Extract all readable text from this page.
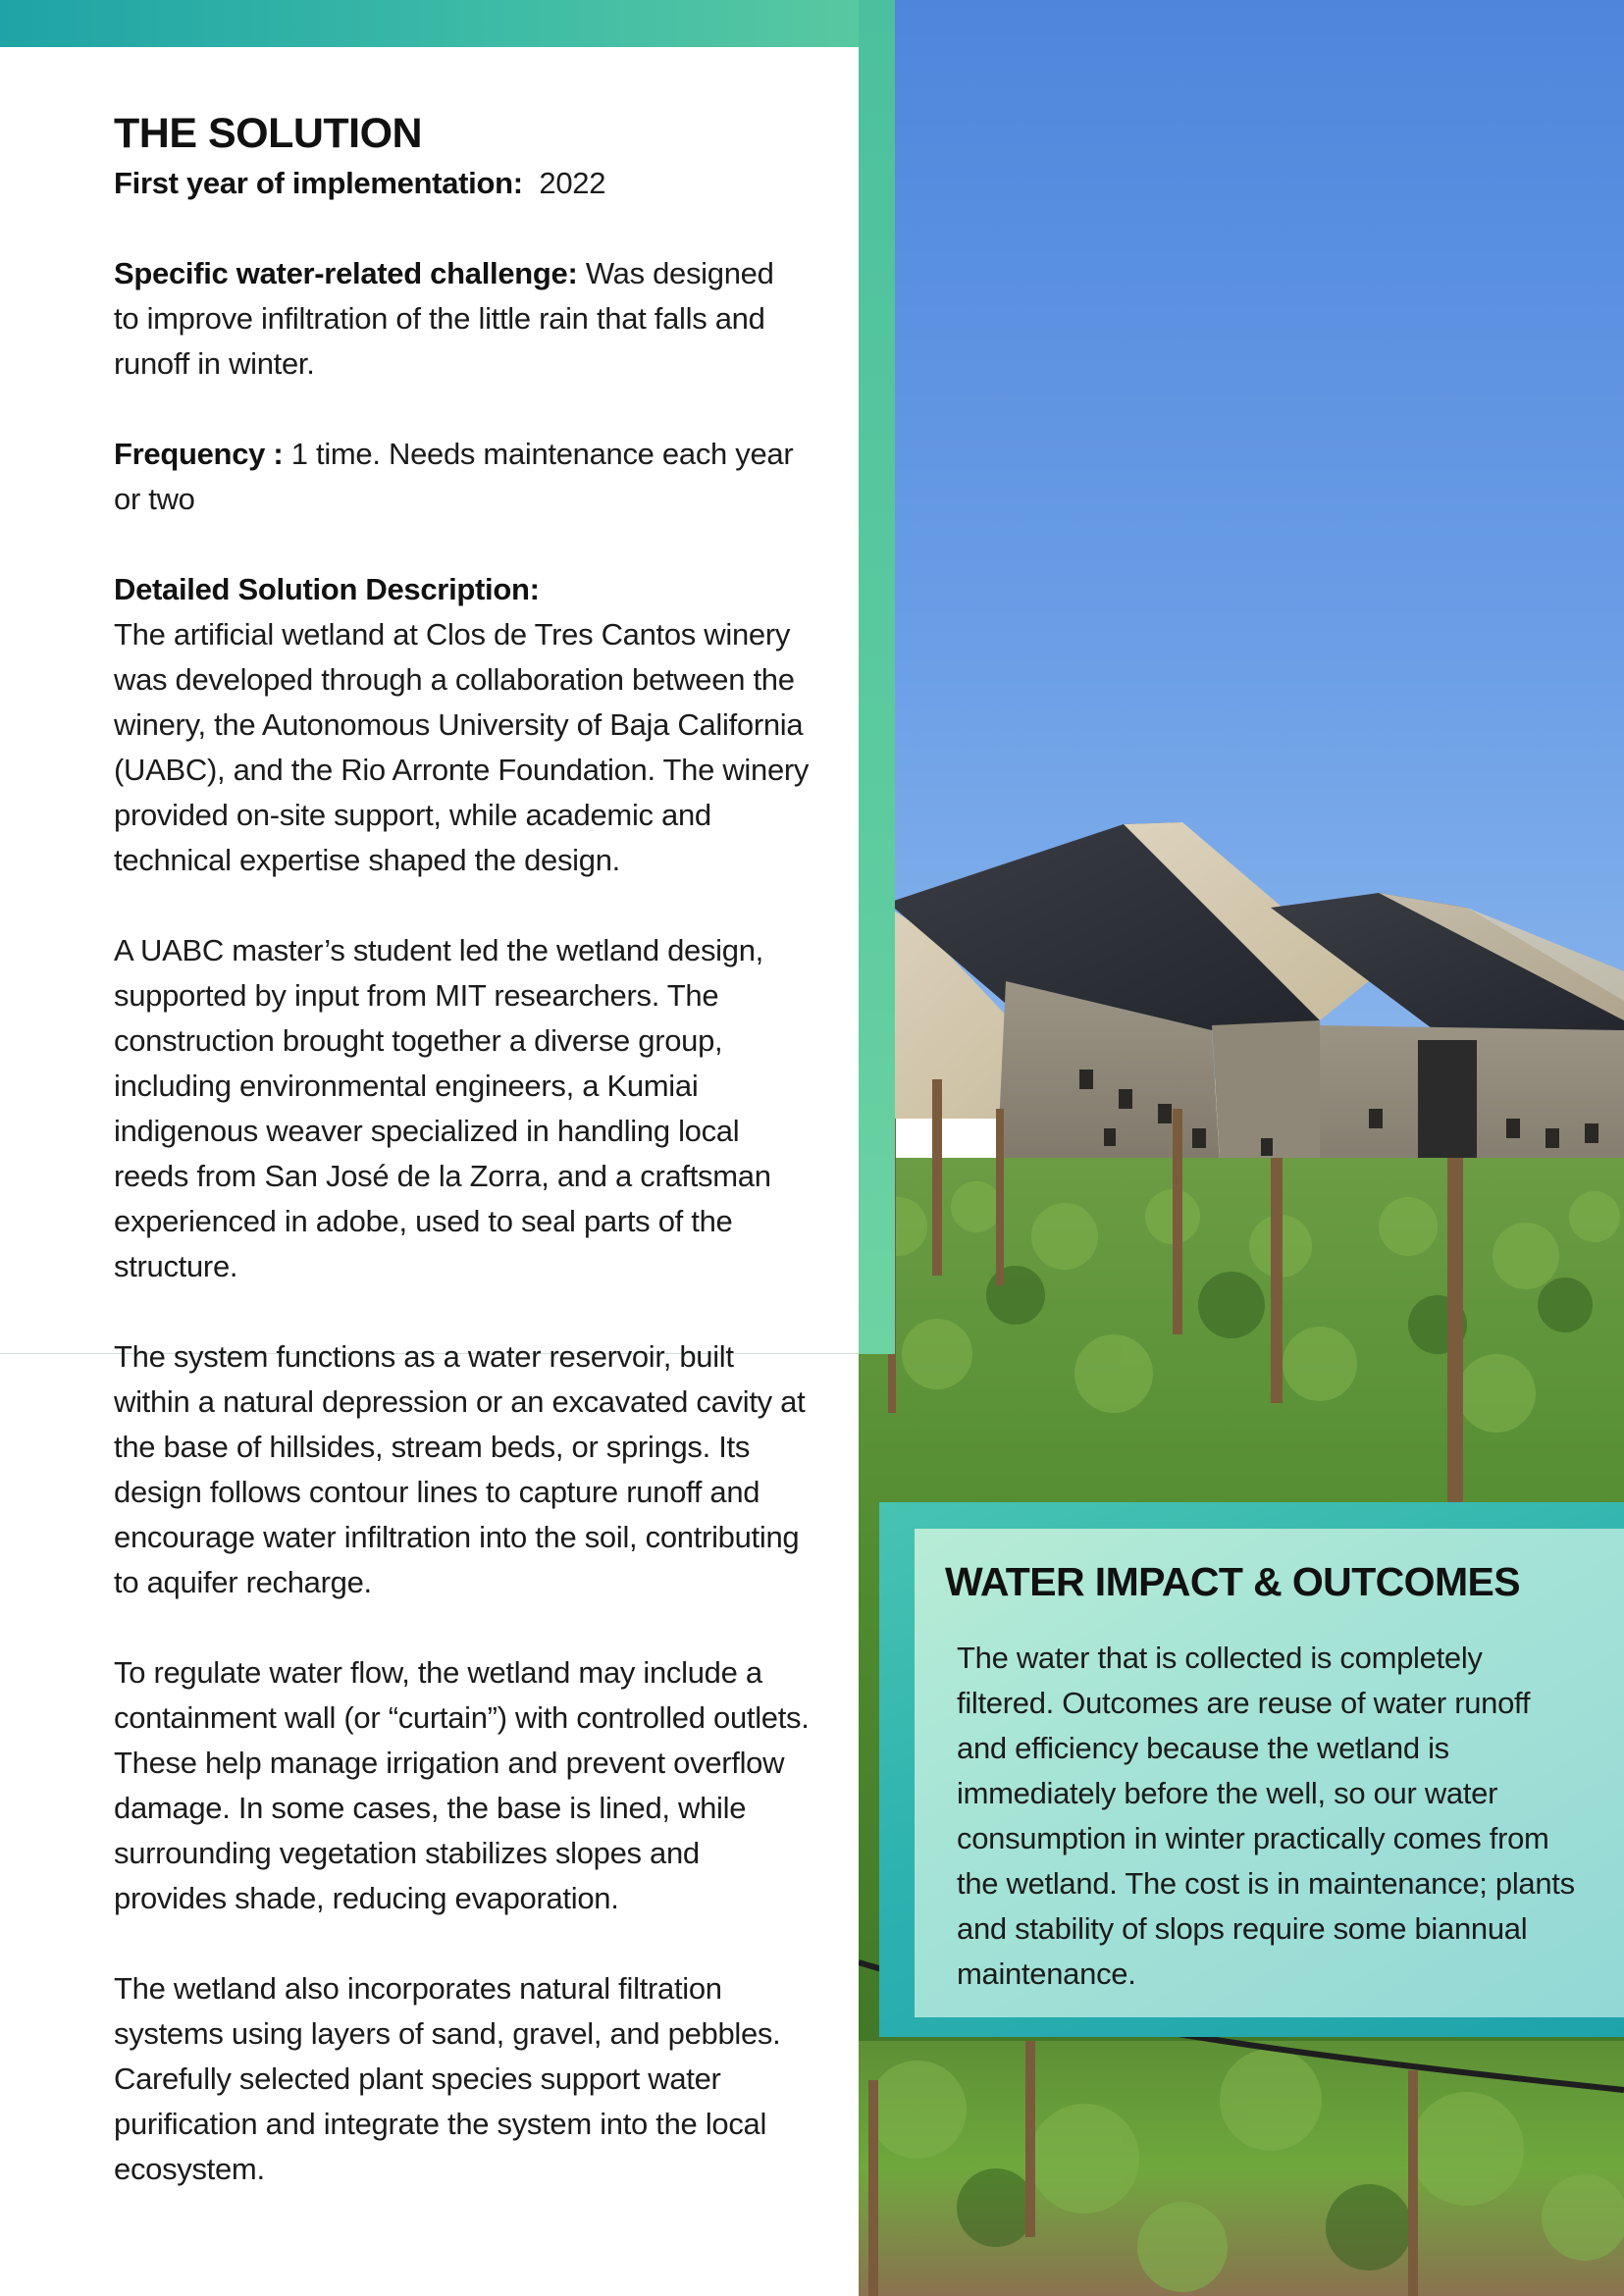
THE SOLUTION

First year of implementation: 2022

Specific water-related challenge: Was designed

to improve infiltration of the little rain that falls and

runoff in winter.

Frequency : 1 time. Needs maintenance each year

or two

Detailed Solution Description:

The artificial wetland at Clos de Tres Cantos winery

was developed through a collaboration between the

winery, the Autonomous University of Baja California

(UABC), and the Rio Arronte Foundation. The winery

provided on-site support, while academic and

technical expertise shaped the design.

A UABC master’s student led the wetland design,

supported by input from MIT researchers. The

construction brought together a diverse group,

including environmental engineers, a Kumiai

indigenous weaver specialized in handling local

reeds from San José de la Zorra, and a craftsman

experienced in adobe, used to seal parts of the

structure.

The system functions as a water reservoir, built

within a natural depression or an excavated cavity at

the base of hillsides, stream beds, or springs. Its

design follows contour lines to capture runoff and

encourage water infiltration into the soil, contributing

to aquifer recharge.

To regulate water flow, the wetland may include a

containment wall (or “curtain”) with controlled outlets.

These help manage irrigation and prevent overflow

damage. In some cases, the base is lined, while

surrounding vegetation stabilizes slopes and

provides shade, reducing evaporation.

The wetland also incorporates natural filtration

systems using layers of sand, gravel, and pebbles.

Carefully selected plant species support water

purification and integrate the system into the local

ecosystem.

WATER IMPACT & OUTCOMES
The water that is collected is completely
filtered. Outcomes are reuse of water runoff
and efficiency because the wetland is
immediately before the well, so our water
consumption in winter practically comes from
the wetland. The cost is in maintenance; plants
and stability of slops require some biannual
maintenance.
